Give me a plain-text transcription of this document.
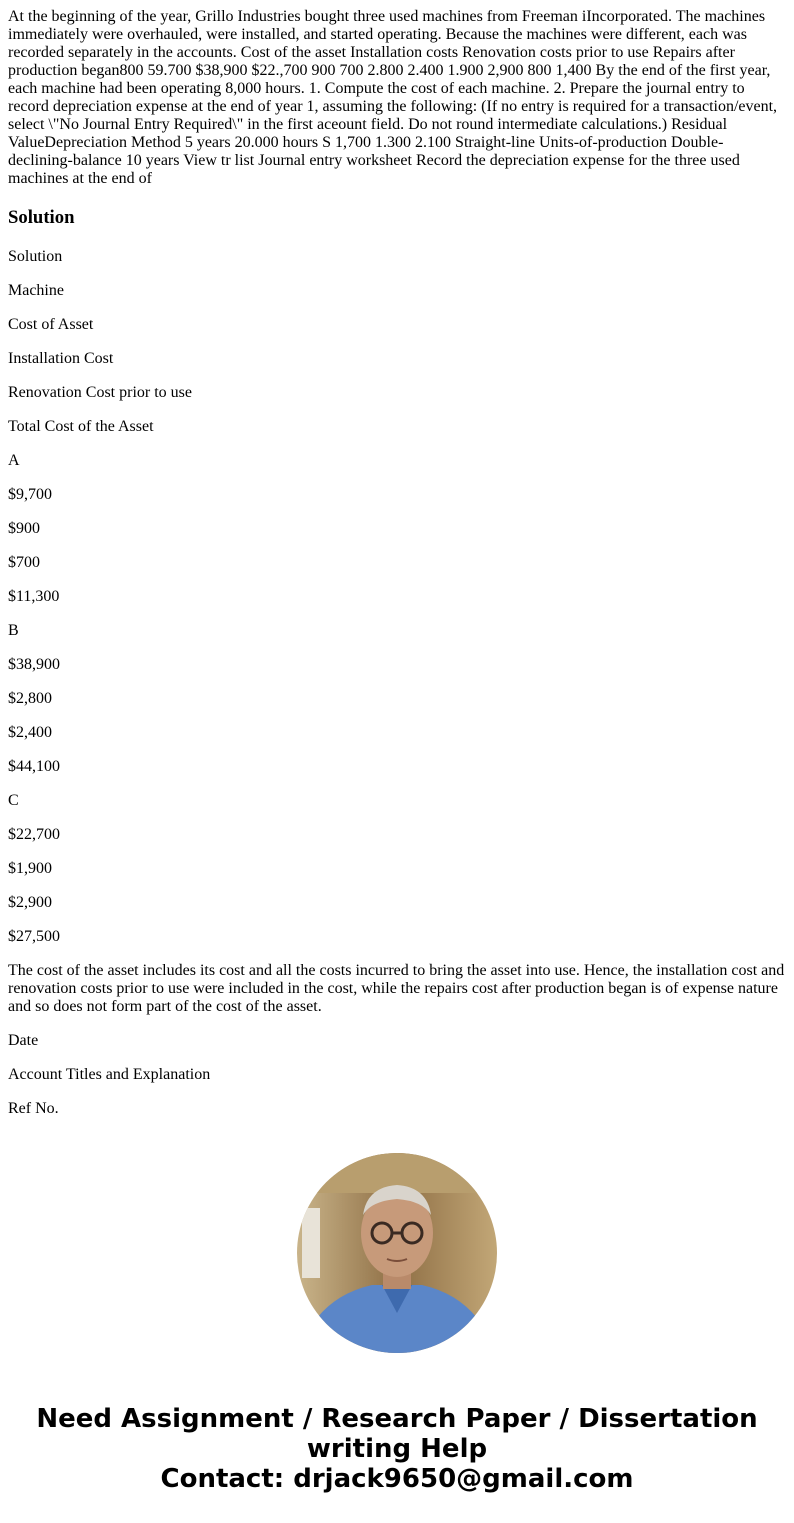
At the beginning of the year, Grillo Industries bought three used machines from Freeman iIncorporated. The machines immediately were overhauled, were installed, and started operating. Because the machines were different, each was recorded separately in the accounts. Cost of the asset Installation costs Renovation costs prior to use Repairs after production began800 59.700 $38,900 $22.,700 900 700 2.800 2.400 1.900 2,900 800 1,400 By the end of the first year, each machine had been operating 8,000 hours. 1. Compute the cost of each machine. 2. Prepare the journal entry to record depreciation expense at the end of year 1, assuming the following: (If no entry is required for a transaction/event, select \"No Journal Entry Required\" in the first aceount field. Do not round intermediate calculations.) Residual ValueDepreciation Method 5 years 20.000 hours S 1,700 1.300 2.100 Straight-line Units-of-production Double-declining-balance 10 years View tr list Journal entry worksheet Record the depreciation expense for the three used machines at the end of
Solution
Solution
Machine
Cost of Asset
Installation Cost
Renovation Cost prior to use
Total Cost of the Asset
A
$9,700
$900
$700
$11,300
B
$38,900
$2,800
$2,400
$44,100
C
$22,700
$1,900
$2,900
$27,500
The cost of the asset includes its cost and all the costs incurred to bring the asset into use. Hence, the installation cost and renovation costs prior to use were included in the cost, while the repairs cost after production began is of expense nature and so does not form part of the cost of the asset.
Date
Account Titles and Explanation
Ref No.
Need Assignment / Research Paper / Dissertation
writing Help
Contact: drjack9650@gmail.com
